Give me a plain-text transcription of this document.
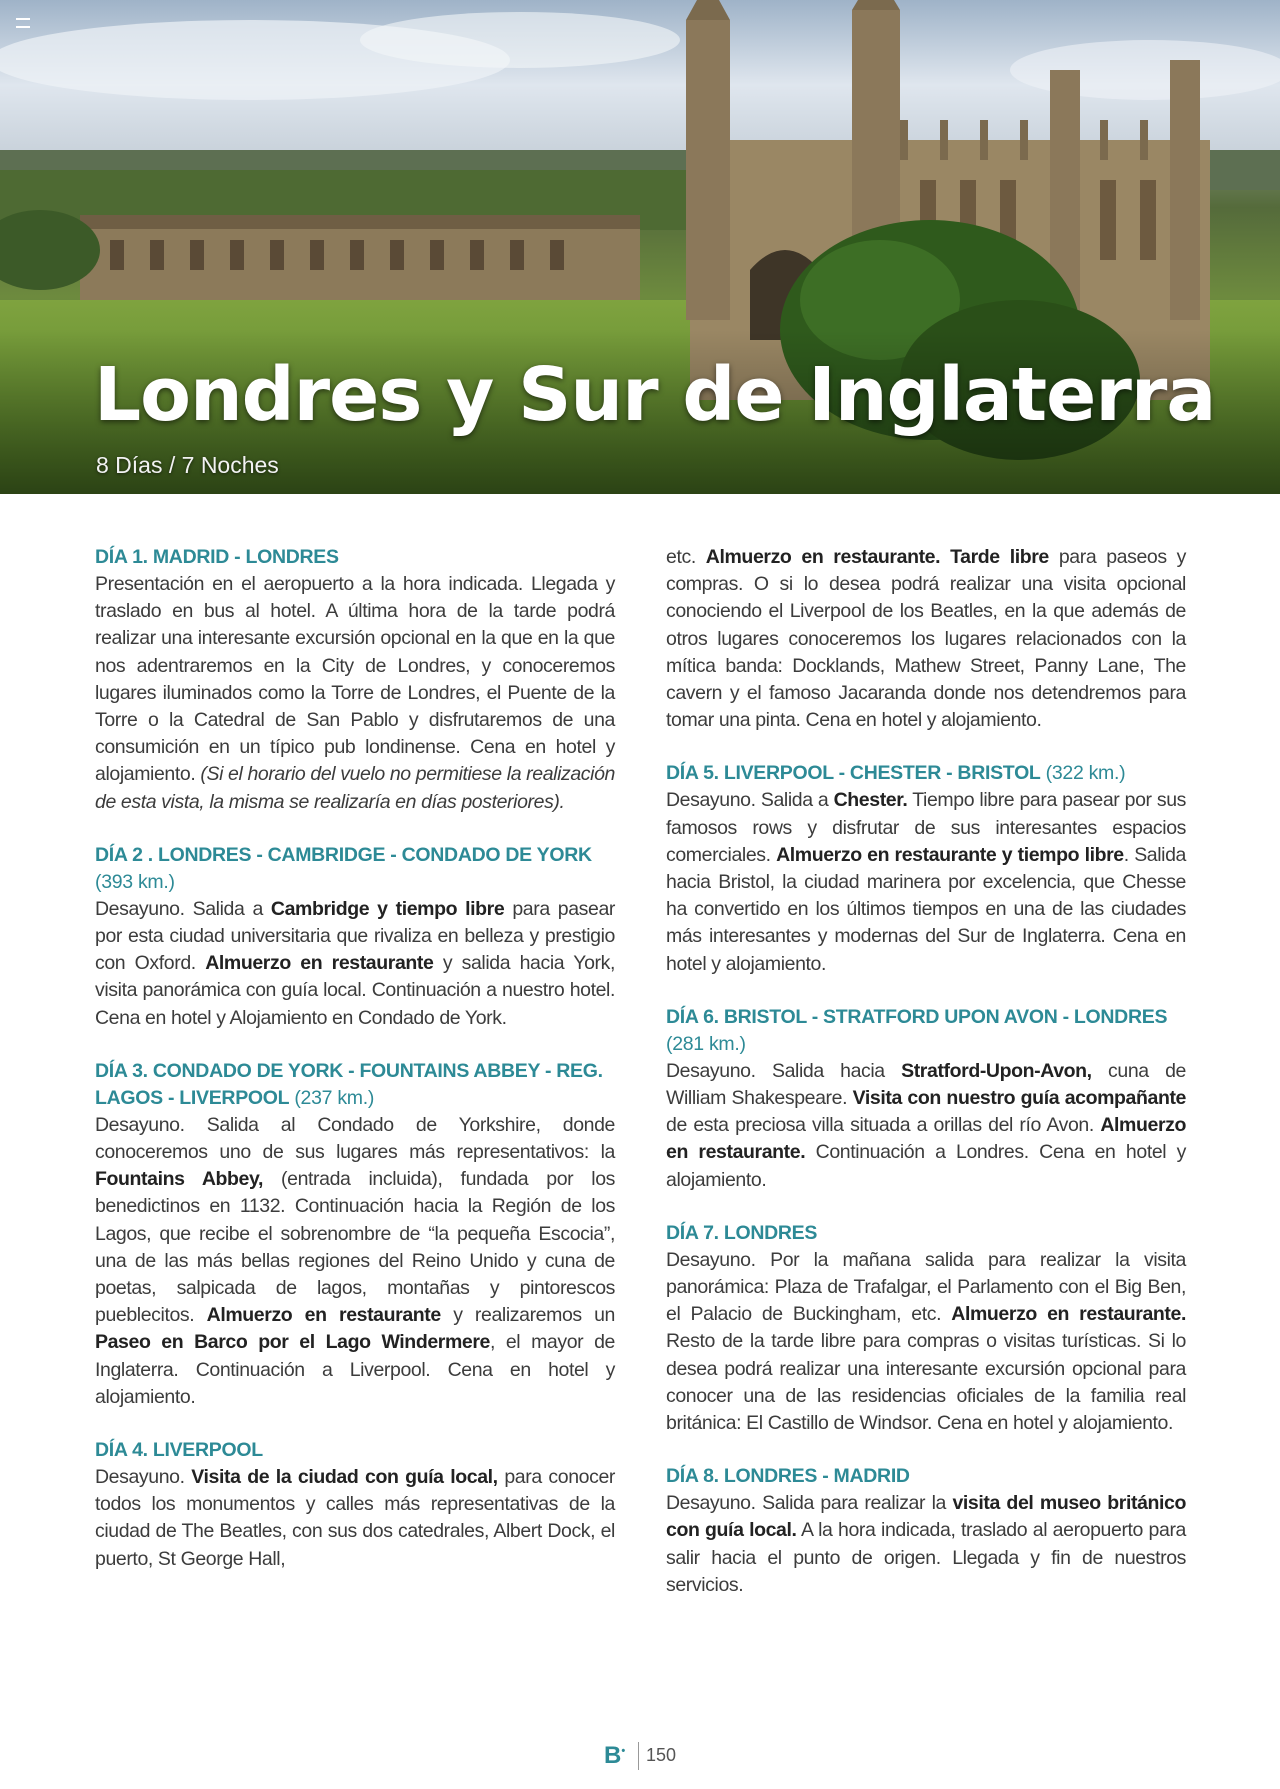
Londres y Sur de Inglaterra
8 Días / 7 Noches
DÍA 1. MADRID - LONDRES
Presentación en el aeropuerto a la hora indicada. Llegada y traslado en bus al hotel. A última hora de la tarde podrá realizar una interesante excursión opcional en la que en la que nos adentraremos en la City de Londres, y conoceremos lugares iluminados como la Torre de Londres, el Puente de la Torre o la Catedral de San Pablo y disfrutaremos de una consumición en un típico pub londinense. Cena en hotel y alojamiento. (Si el horario del vuelo no permitiese la realización de esta vista, la misma se realizaría en días posteriores).
DÍA 2 . LONDRES - CAMBRIDGE - CONDADO DE YORK (393 km.)
Desayuno. Salida a Cambridge y tiempo libre para pasear por esta ciudad universitaria que rivaliza en belleza y prestigio con Oxford. Almuerzo en restaurante y salida hacia York, visita panorámica con guía local. Continuación a nuestro hotel. Cena en hotel y Alojamiento en Condado de York.
DÍA 3. CONDADO DE YORK - FOUNTAINS ABBEY - REG. LAGOS - LIVERPOOL (237 km.)
Desayuno. Salida al Condado de Yorkshire, donde conoceremos uno de sus lugares más representativos: la Fountains Abbey, (entrada incluida), fundada por los benedictinos en 1132. Continuación hacia la Región de los Lagos, que recibe el sobrenombre de “la pequeña Escocia”, una de las más bellas regiones del Reino Unido y cuna de poetas, salpicada de lagos, montañas y pintorescos pueblecitos. Almuerzo en restaurante y realizaremos un Paseo en Barco por el Lago Windermere, el mayor de Inglaterra. Continuación a Liverpool. Cena en hotel y alojamiento.
DÍA 4. LIVERPOOL
Desayuno. Visita de la ciudad con guía local, para conocer todos los monumentos y calles más representativas de la ciudad de The Beatles, con sus dos catedrales, Albert Dock, el puerto, St George Hall,
etc. Almuerzo en restaurante. Tarde libre para paseos y compras. O si lo desea podrá realizar una visita opcional conociendo el Liverpool de los Beatles, en la que además de otros lugares conoceremos los lugares relacionados con la mítica banda: Docklands, Mathew Street, Panny Lane, The cavern y el famoso Jacaranda donde nos detendremos para tomar una pinta. Cena en hotel y alojamiento.
DÍA 5. LIVERPOOL - CHESTER - BRISTOL (322 km.)
Desayuno. Salida a Chester. Tiempo libre para pasear por sus famosos rows y disfrutar de sus interesantes espacios comerciales. Almuerzo en restaurante y tiempo libre. Salida hacia Bristol, la ciudad marinera por excelencia, que Chesse ha convertido en los últimos tiempos en una de las ciudades más interesantes y modernas del Sur de Inglaterra. Cena en hotel y alojamiento.
DÍA 6. BRISTOL - STRATFORD UPON AVON - LONDRES (281 km.)
Desayuno. Salida hacia Stratford-Upon-Avon, cuna de William Shakespeare. Visita con nuestro guía acompañante de esta preciosa villa situada a orillas del río Avon. Almuerzo en restaurante. Continuación a Londres. Cena en hotel y alojamiento.
DÍA 7. LONDRES
Desayuno. Por la mañana salida para realizar la visita panorámica: Plaza de Trafalgar, el Parlamento con el Big Ben, el Palacio de Buckingham, etc. Almuerzo en restaurante. Resto de la tarde libre para compras o visitas turísticas. Si lo desea podrá realizar una interesante excursión opcional para conocer una de las residencias oficiales de la familia real británica: El Castillo de Windsor. Cena en hotel y alojamiento.
DÍA 8. LONDRES - MADRID
Desayuno. Salida para realizar la visita del museo británico con guía local. A la hora indicada, traslado al aeropuerto para salir hacia el punto de origen. Llegada y fin de nuestros servicios.
B• 150
